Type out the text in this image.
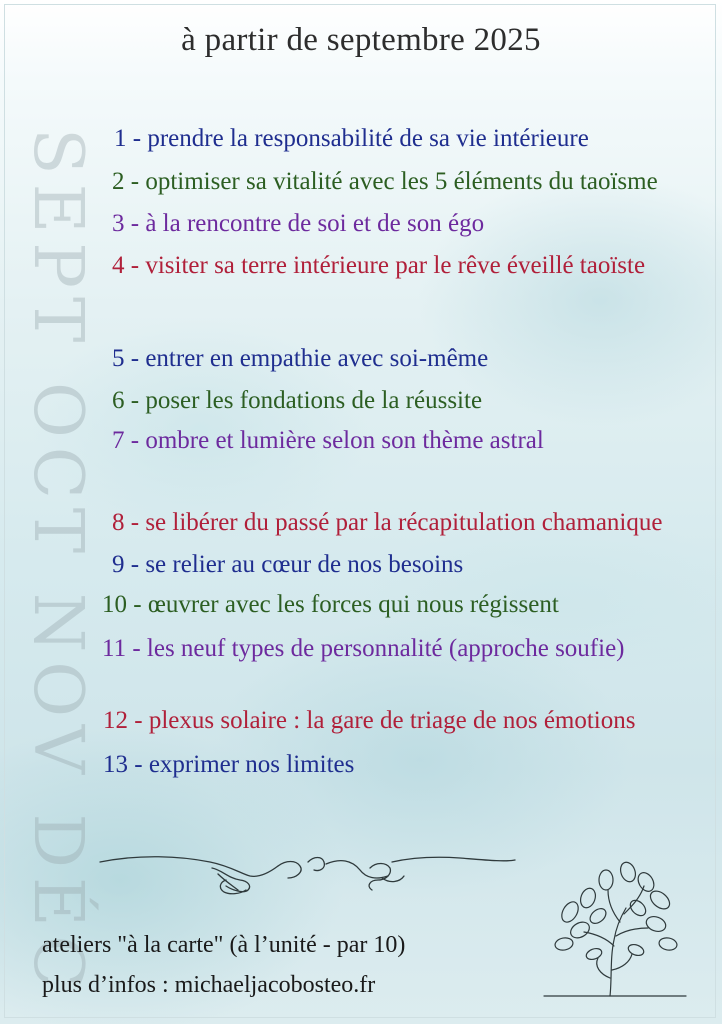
à partir de septembre 2025
SEPT OCT NOV DÉC 1 - prendre la responsabilité de sa vie intérieure
2 - optimiser sa vitalité avec les 5 éléments du taoïsme
3 - à la rencontre de soi et de son égo
4 - visiter sa terre intérieure par le rêve éveillé taoïste
5 - entrer en empathie avec soi-même
6 - poser les fondations de la réussite
7 - ombre et lumière selon son thème astral
8 - se libérer du passé par la récapitulation chamanique
9 - se relier au cœur de nos besoins
10 - œuvrer avec les forces qui nous régissent
11 - les neuf types de personnalité (approche soufie)
12 - plexus solaire : la gare de triage de nos émotions
13 - exprimer nos limites
ateliers "à la carte" (à l’unité - par 10)
plus d’infos : michaeljacobosteo.fr
